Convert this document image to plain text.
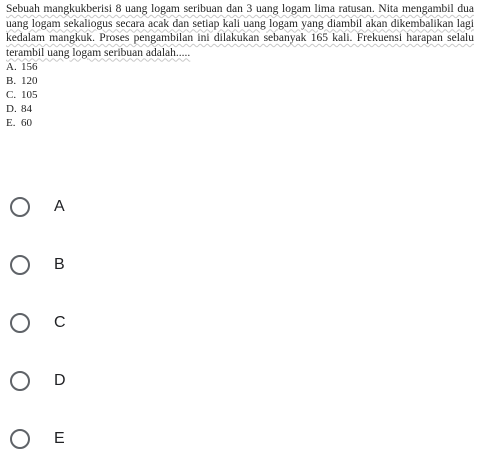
Sebuah mangkukberisi 8 uang logam seribuan dan 3 uang logam lima ratusan. Nita mengambil dua uang logam sekaliogus secara acak dan setiap kali uang logam yang diambil akan dikembalikan lagi kedalam mangkuk. Proses pengambilan ini dilakukan sebanyak 165 kali. Frekuensi harapan selalu terambil uang logam seribuan adalah.....

A. 156
B. 120
C. 105
D. 84
E. 60
A
B
C
D
E
